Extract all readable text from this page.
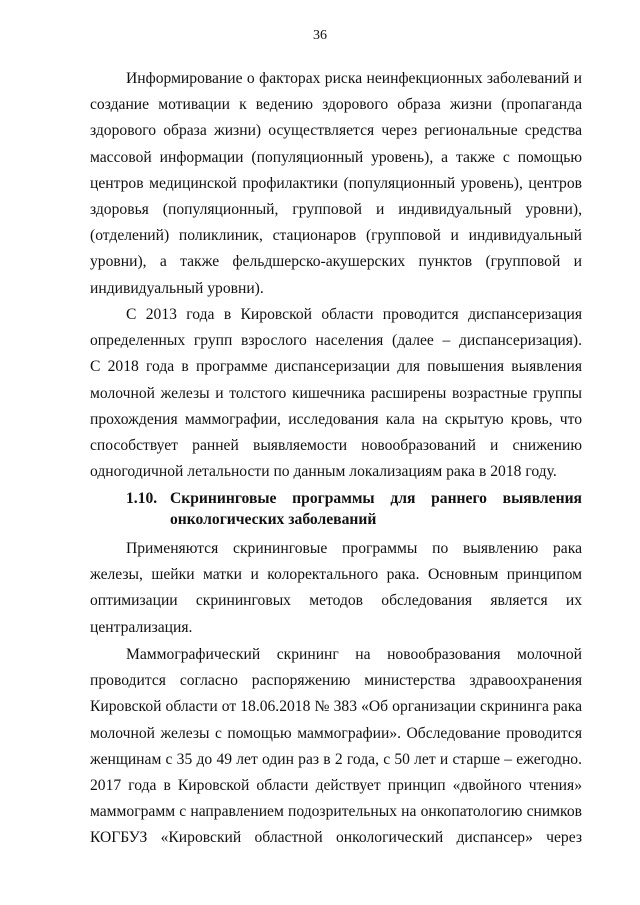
36
Информирование о факторах риска неинфекционных заболеваний и
создание мотивации к ведению здорового образа жизни (пропаганда
здорового образа жизни) осуществляется через региональные средства
массовой информации (популяционный уровень), а также с помощью
центров медицинской профилактики (популяционный уровень), центров
здоровья (популяционный, групповой и индивидуальный уровни),
(отделений) поликлиник, стационаров (групповой и индивидуальный
уровни), а также фельдшерско-акушерских пунктов (групповой и
индивидуальный уровни).
С 2013 года в Кировской области проводится диспансеризация
определенных групп взрослого населения (далее – диспансеризация).
С 2018 года в программе диспансеризации для повышения выявления
молочной железы и толстого кишечника расширены возрастные группы
прохождения маммографии, исследования кала на скрытую кровь, что
способствует ранней выявляемости новообразований и снижению
одногодичной летальности по данным локализациям рака в 2018 году.
1.10. Скрининговые программы для раннего выявления
онкологических заболеваний
Применяются скрининговые программы по выявлению рака
железы, шейки матки и колоректального рака. Основным принципом
оптимизации скрининговых методов обследования является их
централизация.
Маммографический скрининг на новообразования молочной
проводится согласно распоряжению министерства здравоохранения
Кировской области от 18.06.2018 № 383 «Об организации скрининга рака
молочной железы с помощью маммографии». Обследование проводится
женщинам с 35 до 49 лет один раз в 2 года, с 50 лет и старше – ежегодно.
2017 года в Кировской области действует принцип «двойного чтения»
маммограмм с направлением подозрительных на онкопатологию снимков
КОГБУЗ «Кировский областной онкологический диспансер» через
